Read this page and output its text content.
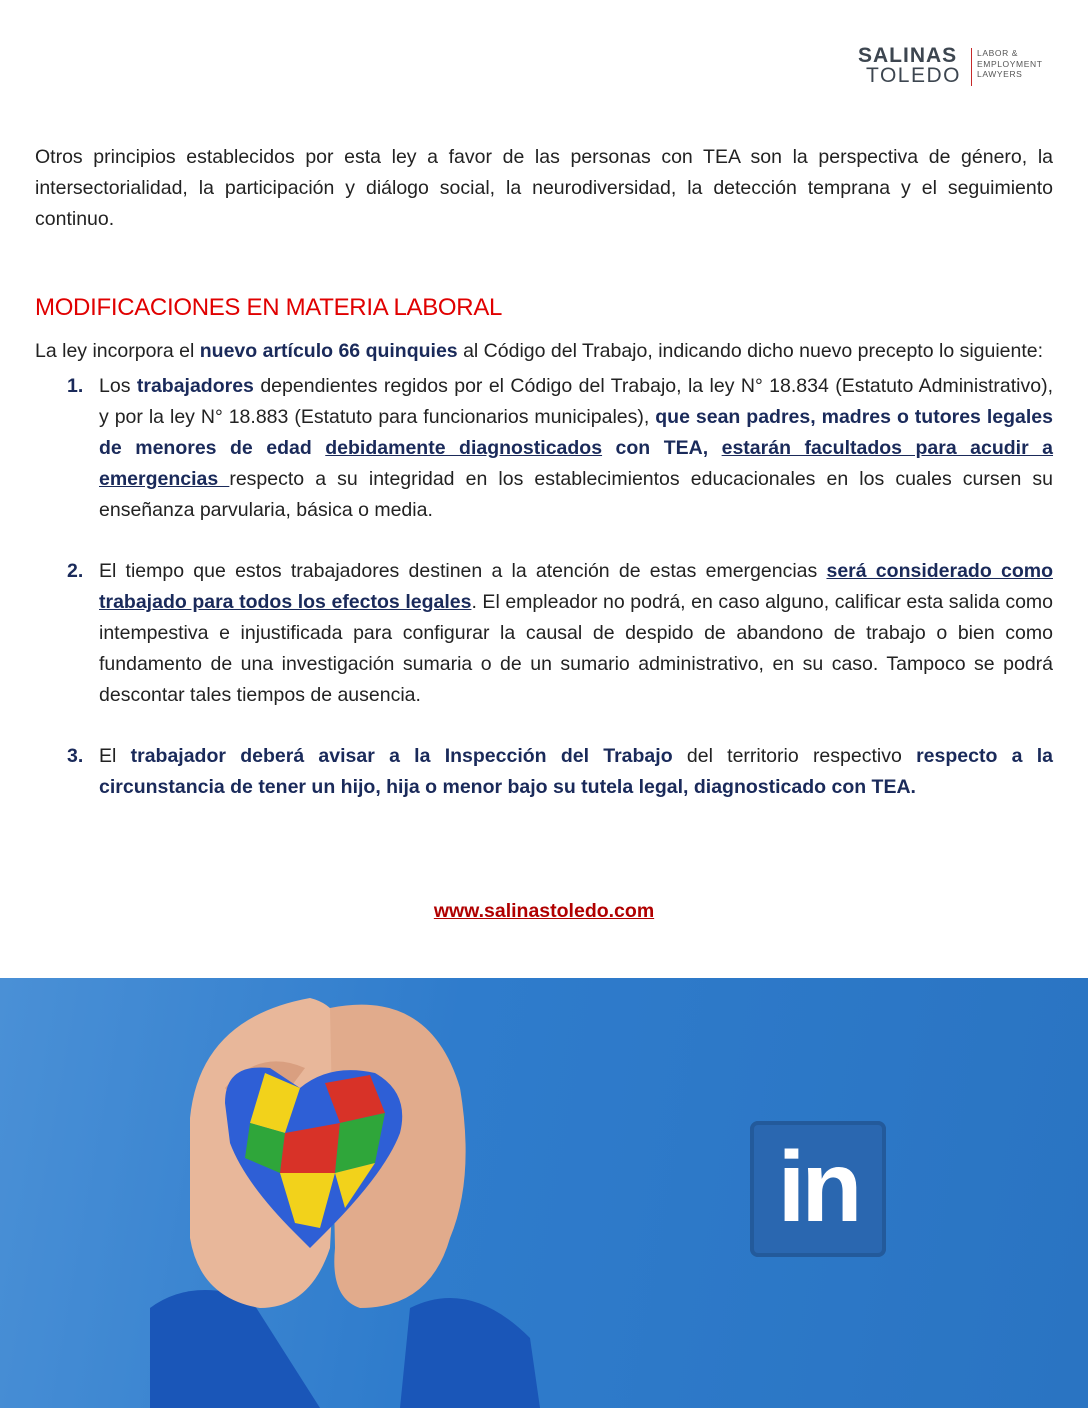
SALINAS
TOLEDO
LABOR &
EMPLOYMENT
LAWYERS

Otros principios establecidos por esta ley a favor de las personas con TEA son la perspectiva de género, la intersectorialidad, la participación y diálogo social, la neurodiversidad, la detección temprana y el seguimiento continuo.

MODIFICACIONES EN MATERIA LABORAL

La ley incorpora el nuevo artículo 66 quinquies al Código del Trabajo, indicando dicho nuevo precepto lo siguiente:

1. Los trabajadores dependientes regidos por el Código del Trabajo, la ley N° 18.834 (Estatuto Administrativo), y por la ley N° 18.883 (Estatuto para funcionarios municipales), que sean padres, madres o tutores legales de menores de edad debidamente diagnosticados con TEA, estarán facultados para acudir a emergencias respecto a su integridad en los establecimientos educacionales en los cuales cursen su enseñanza parvularia, básica o media.
2. El tiempo que estos trabajadores destinen a la atención de estas emergencias será considerado como trabajado para todos los efectos legales. El empleador no podrá, en caso alguno, calificar esta salida como intempestiva e injustificada para configurar la causal de despido de abandono de trabajo o bien como fundamento de una investigación sumaria o de un sumario administrativo, en su caso. Tampoco se podrá descontar tales tiempos de ausencia.
3. El trabajador deberá avisar a la Inspección del Trabajo del territorio respectivo respecto a la circunstancia de tener un hijo, hija o menor bajo su tutela legal, diagnosticado con TEA.
www.salinastoledo.com
in
